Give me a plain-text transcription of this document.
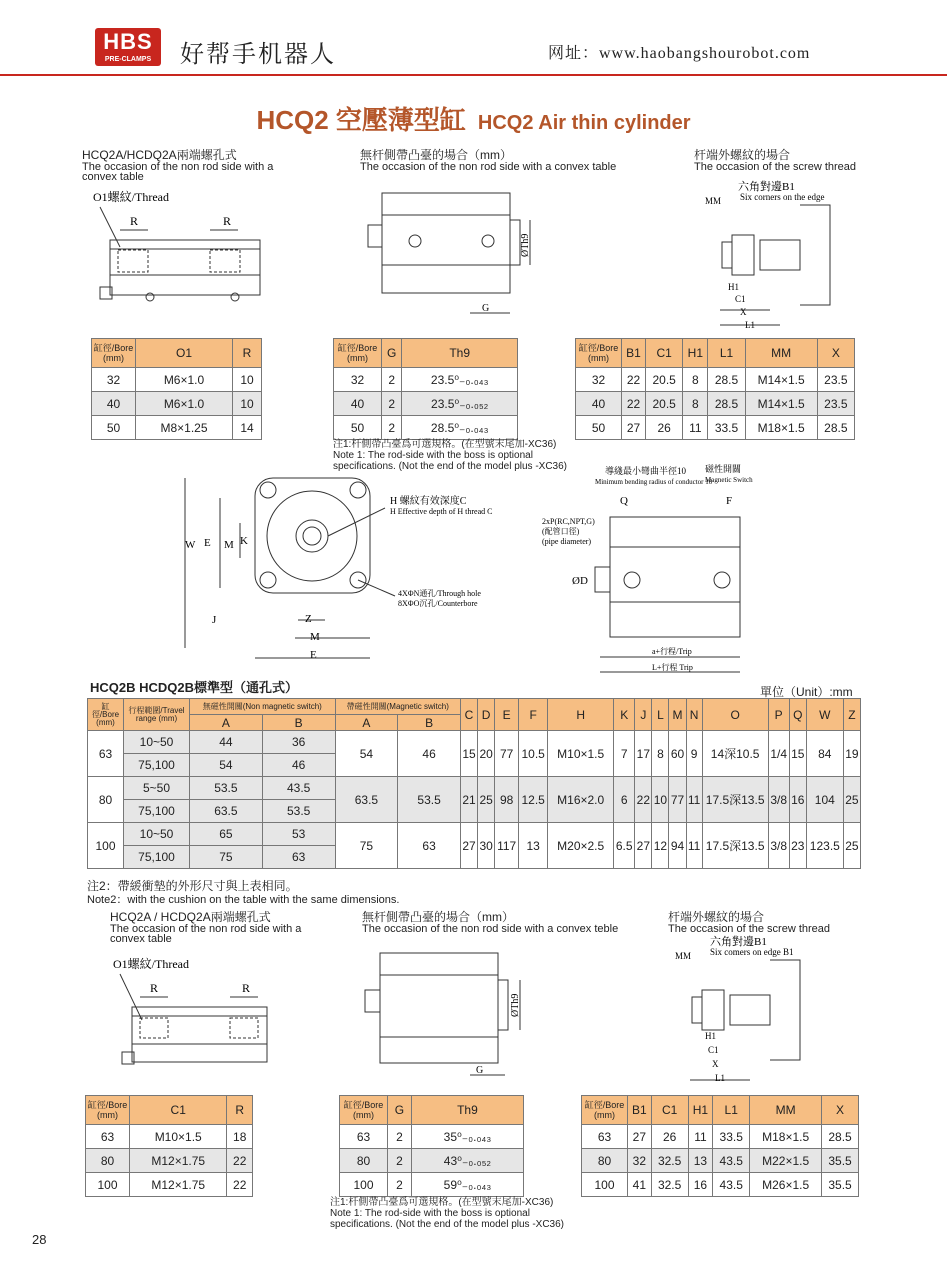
HBS
PRE-CLAMPS	好帮手机器人	网址：www.haobangshourobot.com
HCQ2 空壓薄型缸 HCQ2 Air thin cylinder
HCQ2A/HCDQ2A兩端螺孔式
The occasion of the non rod side with a convex table
無杆側帶凸臺的場合（mm）
The occasion of the non rod side with a convex table
杆端外螺紋的場合
The occasion of the screw thread
O1螺紋/Thread
R	R
ØTh9
G
六角對邊B1
Six corners on the edge
MM
H1
C1
X
L1
缸徑/Bore (mm)	O1	R
32	M6×1.0	10
40	M6×1.0	10
50	M8×1.25	14
缸徑/Bore (mm)	G	Th9
32	2	23.5⁰₋₀.₀₄₃
40	2	23.5⁰₋₀.₀₅₂
50	2	28.5⁰₋₀.₀₄₃
注1:杆側帶凸臺爲可選規格。(在型號末尾加-XC36)
Note 1: The rod-side with the boss is optional
specifications. (Not the end of the model plus -XC36)
缸徑/Bore (mm)	B1	C1	H1	L1	MM	X
32	22	20.5	8	28.5	M14×1.5	23.5
40	22	20.5	8	28.5	M14×1.5	23.5
50	27	26	11	33.5	M18×1.5	28.5
W E M K
Z
M
E
J
H 螺紋有效深度C
H Effective depth of H thread C
4XΦN通孔/Through hole
8XΦO沉孔/Counterbore
導綫最小彎曲半徑10
Minimum bending radius of conductor 10
磁性開關
Magnetic Switch
2xP(RC,NPT,G)
(配管口徑)
(pipe diameter)
Q	F
ØD
a+行程/Trip
L+行程 Trip
HCQ2B HCDQ2B標準型（通孔式）	單位（Unit）:mm
缸徑/Bore (mm)	行程範圍/Travel range (mm)	無磁性開關(Non magnetic switch)		帶磁性開關(Magnetic switch)		C	D	E	F	H	K	J	L	M	N	O	P	Q	W	Z
		A	B	A	B															
63	10~50	44	36	54	46	15	20	77	10.5	M10×1.5	7	17	8	60	9	14深10.5	1/4	15	84	19
	75,100	54	46																	
80	5~50	53.5	43.5	63.5	53.5	21	25	98	12.5	M16×2.0	6	22	10	77	11	17.5深13.5	3/8	16	104	25
	75,100	63.5	53.5																	
100	10~50	65	53	75	63	27	30	117	13	M20×2.5	6.5	27	12	94	11	17.5深13.5	3/8	23	123.5	25
	75,100	75	63																	
注2：帶緩衝墊的外形尺寸與上表相同。
Note2：with the cushion on the table with the same dimensions.
HCQ2A / HCDQ2A兩端螺孔式
The occasion of the non rod side with a convex table
無杆側帶凸臺的場合（mm）
The occasion of the non rod side with a convex teble
杆端外螺紋的場合
The occasion of the screw thread
O1螺紋/Thread
R	R
ØTh9
G
六角對邊B1
Six comers on edge B1
MM
H1
C1
X
L1
缸徑/Bore (mm)	C1	R
63	M10×1.5	18
80	M12×1.75	22
100	M12×1.75	22
缸徑/Bore (mm)	G	Th9
63	2	35⁰₋₀.₀₄₃
80	2	43⁰₋₀.₀₅₂
100	2	59⁰₋₀.₀₄₃
注1:杆側帶凸臺爲可選規格。(在型號末尾加-XC36)
Note 1: The rod-side with the boss is optional
specifications. (Not the end of the model plus -XC36)
缸徑/Bore (mm)	B1	C1	H1	L1	MM	X
63	27	26	11	33.5	M18×1.5	28.5
80	32	32.5	13	43.5	M22×1.5	35.5
100	41	32.5	16	43.5	M26×1.5	35.5
28
